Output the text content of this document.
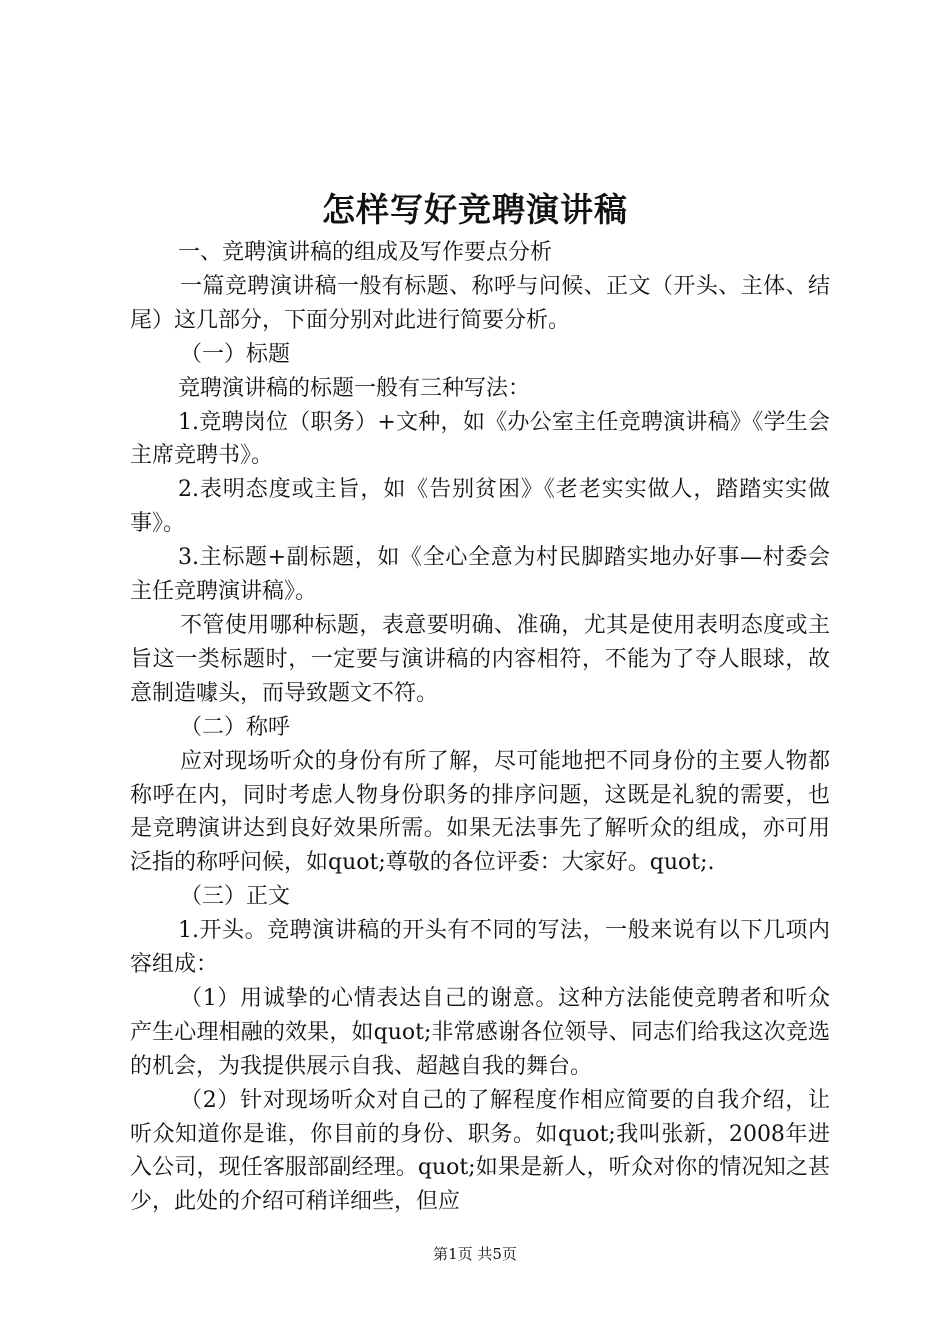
怎样写好竞聘演讲稿

一、竞聘演讲稿的组成及写作要点分析

一篇竞聘演讲稿一般有标题、称呼与问候、正文（开头、主体、结尾）这几部分，下面分别对此进行简要分析。

（一）标题

竞聘演讲稿的标题一般有三种写法：

1.竞聘岗位（职务）+文种，如《办公室主任竞聘演讲稿》《学生会主席竞聘书》。

2.表明态度或主旨，如《告别贫困》《老老实实做人，踏踏实实做事》。

3.主标题+副标题，如《全心全意为村民脚踏实地办好事—村委会主任竞聘演讲稿》。

不管使用哪种标题，表意要明确、准确，尤其是使用表明态度或主旨这一类标题时，一定要与演讲稿的内容相符，不能为了夺人眼球，故意制造噱头，而导致题文不符。

（二）称呼

应对现场听众的身份有所了解，尽可能地把不同身份的主要人物都称呼在内，同时考虑人物身份职务的排序问题，这既是礼貌的需要，也是竞聘演讲达到良好效果所需。如果无法事先了解听众的组成，亦可用泛指的称呼问候，如quot;尊敬的各位评委：大家好。quot;.

（三）正文

1.开头。竞聘演讲稿的开头有不同的写法，一般来说有以下几项内容组成：

（1）用诚挚的心情表达自己的谢意。这种方法能使竞聘者和听众产生心理相融的效果，如quot;非常感谢各位领导、同志们给我这次竞选的机会，为我提供展示自我、超越自我的舞台。

（2）针对现场听众对自己的了解程度作相应简要的自我介绍，让听众知道你是谁，你目前的身份、职务。如quot;我叫张新，2008年进入公司，现任客服部副经理。quot;如果是新人，听众对你的情况知之甚少，此处的介绍可稍详细些，但应

第1页 共5页
